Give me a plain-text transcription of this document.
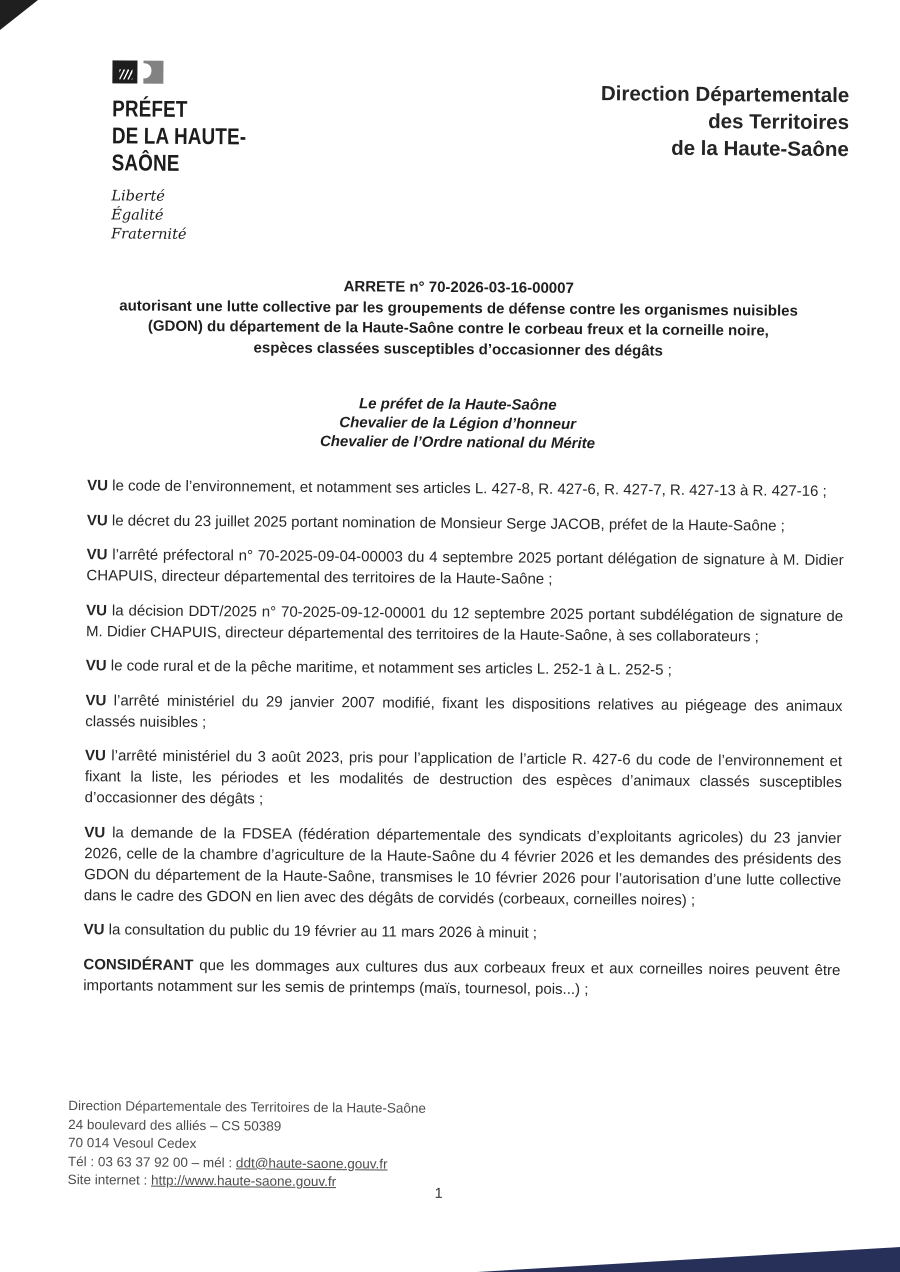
PRÉFET
DE LA HAUTE-
SAÔNE
Liberté
Égalité
Fraternité
Direction Départementale
des Territoires
de la Haute-Saône
ARRETE n° 70-2026-03-16-00007
autorisant une lutte collective par les groupements de défense contre les organismes nuisibles
(GDON) du département de la Haute-Saône contre le corbeau freux et la corneille noire,
espèces classées susceptibles d’occasionner des dégâts
Le préfet de la Haute-Saône
Chevalier de la Légion d’honneur
Chevalier de l’Ordre national du Mérite

VU le code de l’environnement, et notamment ses articles L. 427-8, R. 427-6, R. 427-7, R. 427-13 à R. 427-16 ;

VU le décret du 23 juillet 2025 portant nomination de Monsieur Serge JACOB, préfet de la Haute-Saône ;

VU l’arrêté préfectoral n° 70-2025-09-04-00003 du 4 septembre 2025 portant délégation de signature à M. Didier CHAPUIS, directeur départemental des territoires de la Haute-Saône ;

VU la décision DDT/2025 n° 70-2025-09-12-00001 du 12 septembre 2025 portant subdélégation de signature de M. Didier CHAPUIS, directeur départemental des territoires de la Haute-Saône, à ses collaborateurs ;

VU le code rural et de la pêche maritime, et notamment ses articles L. 252-1 à L. 252-5 ;

VU l’arrêté ministériel du 29 janvier 2007 modifié, fixant les dispositions relatives au piégeage des animaux classés nuisibles ;

VU l’arrêté ministériel du 3 août 2023, pris pour l’application de l’article R. 427-6 du code de l’environnement et fixant la liste, les périodes et les modalités de destruction des espèces d’animaux classés susceptibles d’occasionner des dégâts ;

VU la demande de la FDSEA (fédération départementale des syndicats d’exploitants agricoles) du 23 janvier 2026, celle de la chambre d’agriculture de la Haute-Saône du 4 février 2026 et les demandes des présidents des GDON du département de la Haute-Saône, transmises le 10 février 2026 pour l’autorisation d’une lutte collective dans le cadre des GDON en lien avec des dégâts de corvidés (corbeaux, corneilles noires) ;

VU la consultation du public du 19 février au 11 mars 2026 à minuit ;

CONSIDÉRANT que les dommages aux cultures dus aux corbeaux freux et aux corneilles noires peuvent être importants notamment sur les semis de printemps (maïs, tournesol, pois...) ;

Direction Départementale des Territoires de la Haute-Saône
24 boulevard des alliés – CS 50389
70 014 Vesoul Cedex
Tél : 03 63 37 92 00 – mél : ddt@haute-saone.gouv.fr
Site internet : http://www.haute-saone.gouv.fr
1
